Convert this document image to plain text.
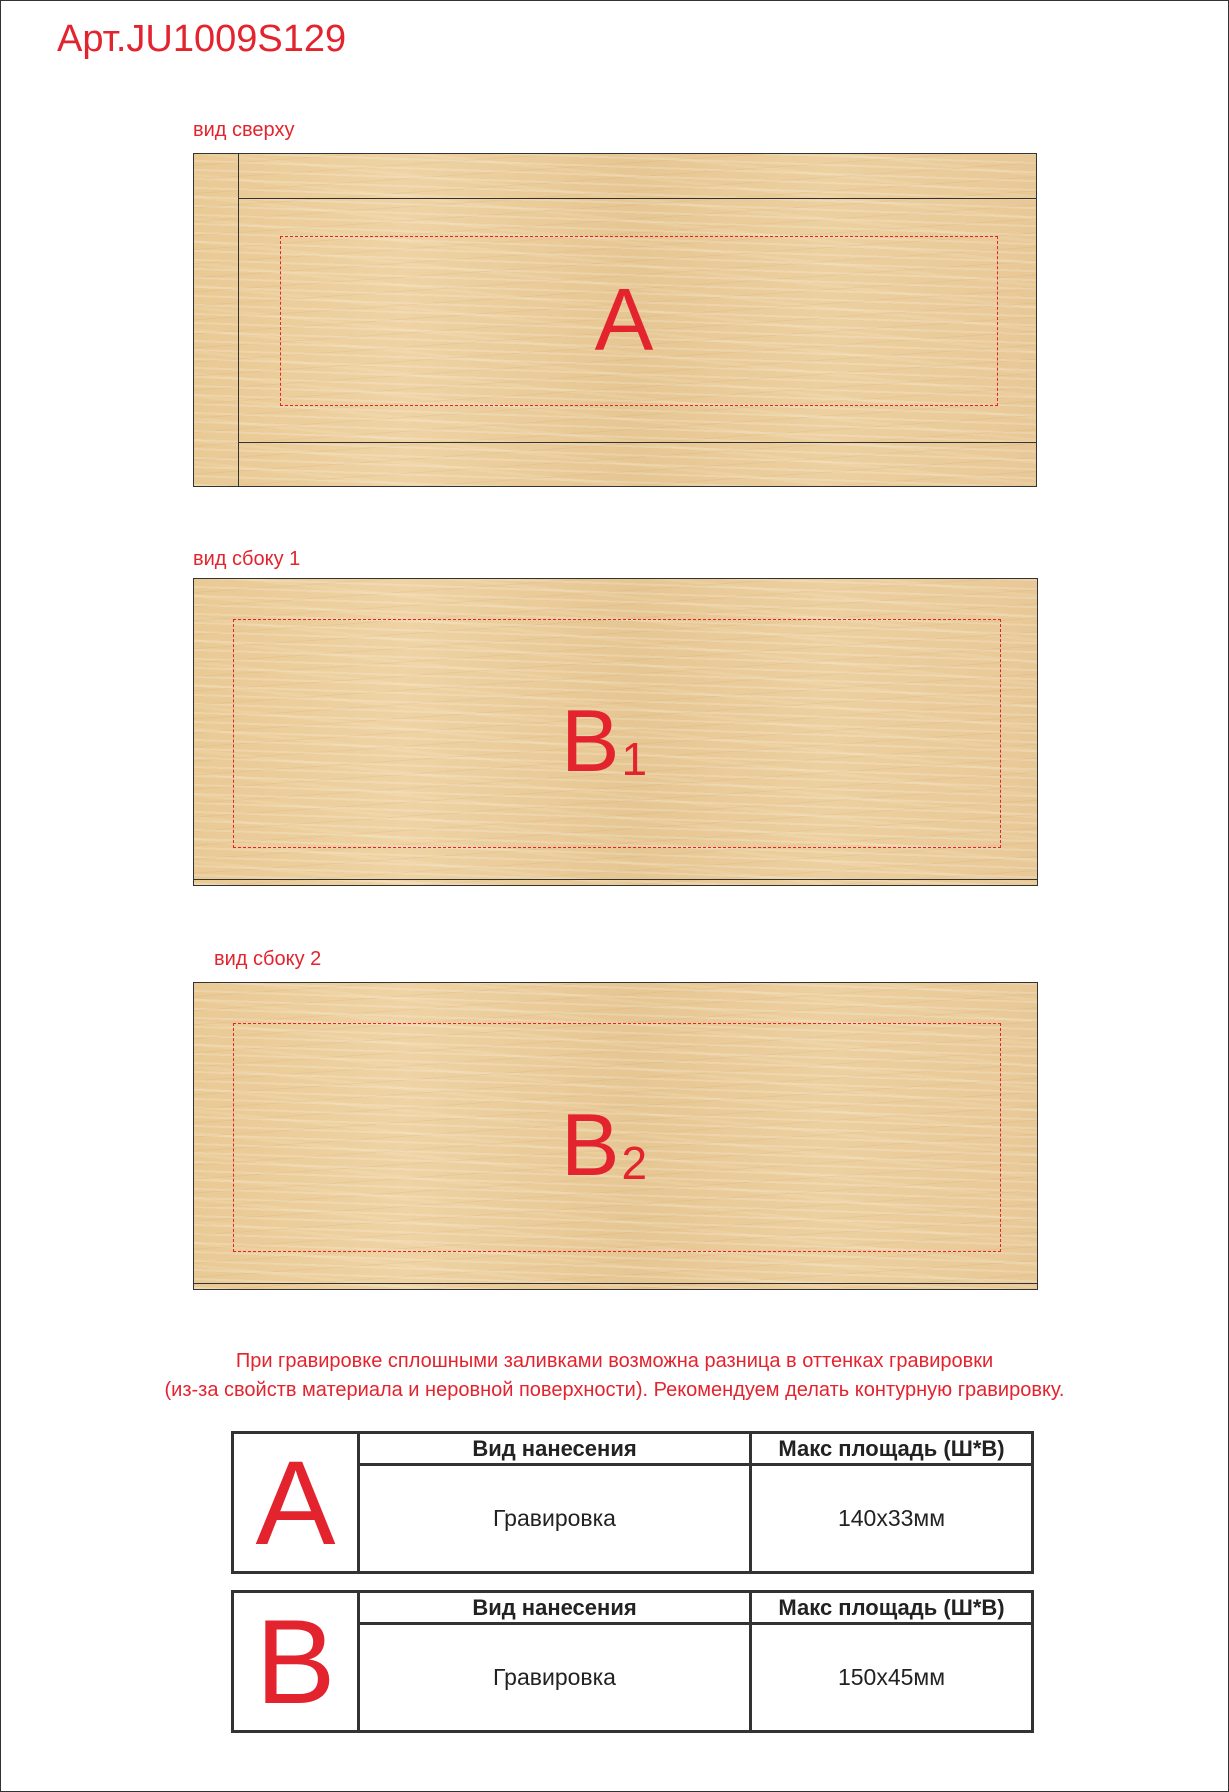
Арт.JU1009S129
вид сверху
A
вид сбоку 1
B1
вид сбоку 2
B2
При гравировке сплошными заливками возможна разница в оттенках гравировки
(из-за свойств материала и неровной поверхности). Рекомендуем делать контурную гравировку.
A	Вид нанесения	Макс площадь (Ш*В)
Гравировка	140x33мм
B	Вид нанесения	Макс площадь (Ш*В)
Гравировка	150x45мм
